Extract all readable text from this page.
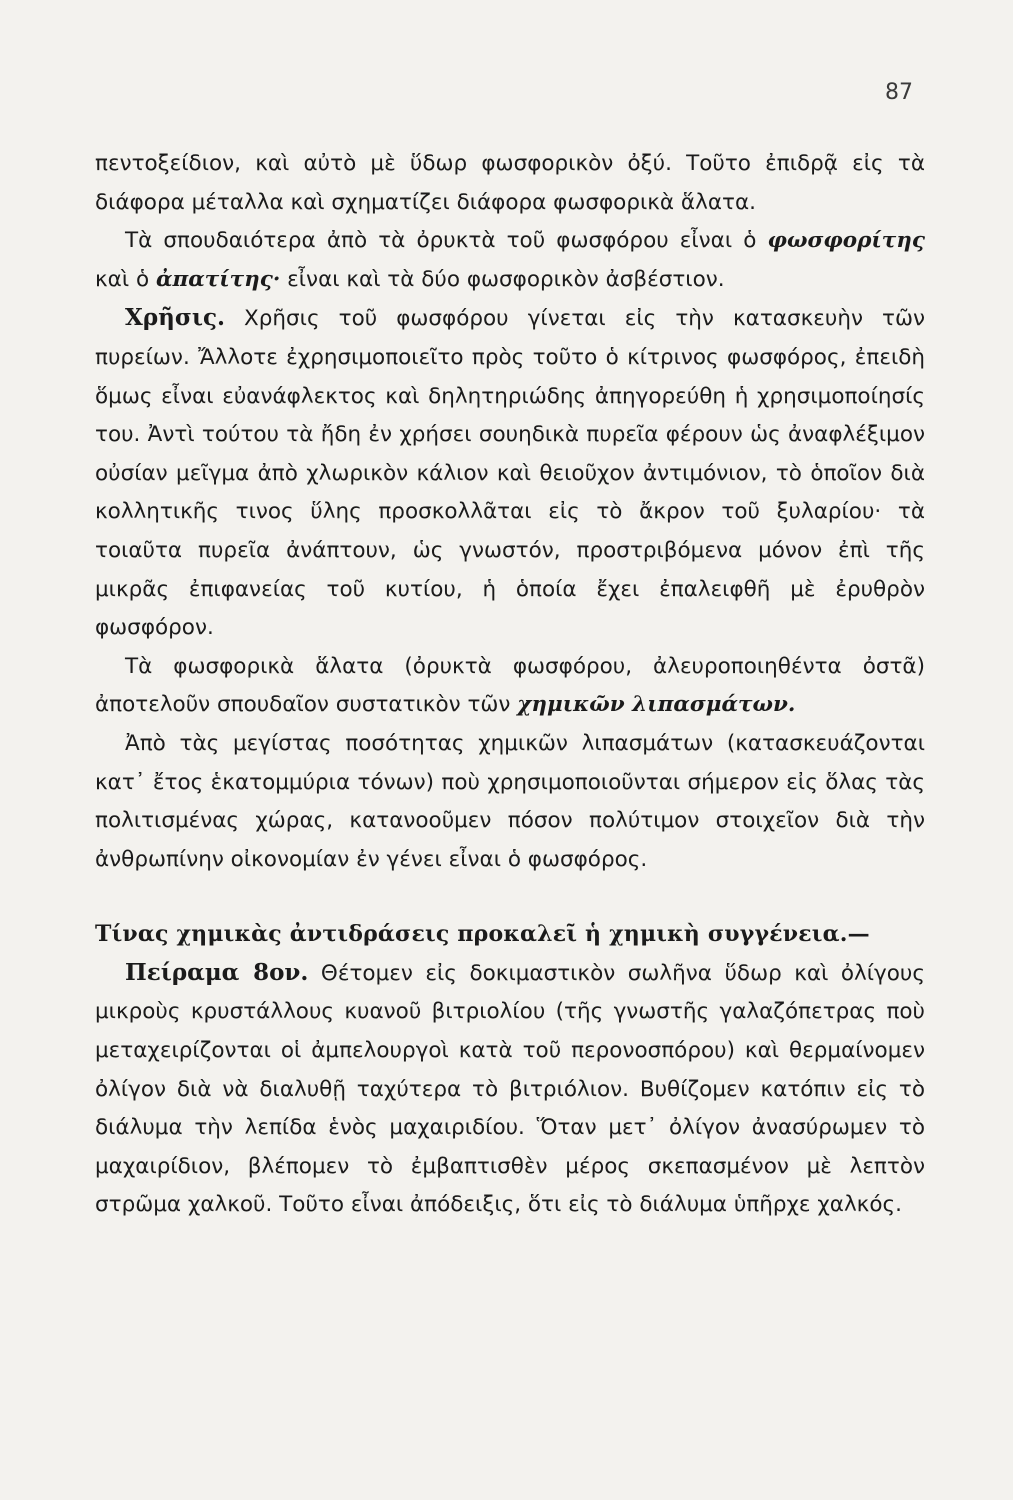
87

πεντοξείδιον, καὶ αὐτὸ μὲ ὕδωρ φωσφορικὸν ὀξύ. Τοῦτο ἐπιδρᾷ εἰς τὰ διάφορα μέταλλα καὶ σχηματίζει διάφορα φωσφορικὰ ἅλατα.

Τὰ σπουδαιότερα ἀπὸ τὰ ὀρυκτὰ τοῦ φωσφόρου εἶναι ὁ φωσφορίτης καὶ ὁ ἀπατίτης· εἶναι καὶ τὰ δύο φωσφορικὸν ἀσβέστιον.

Χρῆσις. Χρῆσις τοῦ φωσφόρου γίνεται εἰς τὴν κατασκευὴν τῶν πυρείων. Ἄλλοτε ἐχρησιμοποιεῖτο πρὸς τοῦτο ὁ κίτρινος φωσφόρος, ἐπειδὴ ὅμως εἶναι εὐανάφλεκτος καὶ δηλητηριώδης ἀπηγορεύθη ἡ χρησιμοποίησίς του. Ἀντὶ τούτου τὰ ἤδη ἐν χρήσει σουηδικὰ πυρεῖα φέρουν ὡς ἀναφλέξιμον οὐσίαν μεῖγμα ἀπὸ χλωρικὸν κάλιον καὶ θειοῦχον ἀντιμόνιον, τὸ ὁποῖον διὰ κολλητικῆς τινος ὕλης προσκολλᾶται εἰς τὸ ἄκρον τοῦ ξυλαρίου· τὰ τοιαῦτα πυρεῖα ἀνάπτουν, ὡς γνωστόν, προστριβόμενα μόνον ἐπὶ τῆς μικρᾶς ἐπιφανείας τοῦ κυτίου, ἡ ὁποία ἔχει ἐπαλειφθῆ μὲ ἐρυθρὸν φωσφόρον.

Τὰ φωσφορικὰ ἅλατα (ὀρυκτὰ φωσφόρου, ἀλευροποιηθέντα ὀστᾶ) ἀποτελοῦν σπουδαῖον συστατικὸν τῶν χημικῶν λιπασμάτων.

Ἀπὸ τὰς μεγίστας ποσότητας χημικῶν λιπασμάτων (κατασκευάζονται κατ᾽ ἔτος ἑκατομμύρια τόνων) ποὺ χρησιμοποιοῦνται σήμερον εἰς ὅλας τὰς πολιτισμένας χώρας, κατανοοῦμεν πόσον πολύτιμον στοιχεῖον διὰ τὴν ἀνθρωπίνην οἰκονομίαν ἐν γένει εἶναι ὁ φωσφόρος.

Τίνας χημικὰς ἀντιδράσεις προκαλεῖ ἡ χημικὴ συγγένεια.—

Πείραμα 8ον. Θέτομεν εἰς δοκιμαστικὸν σωλῆνα ὕδωρ καὶ ὀλίγους μικροὺς κρυστάλλους κυανοῦ βιτριολίου (τῆς γνωστῆς γαλαζόπετρας ποὺ μεταχειρίζονται οἱ ἀμπελουργοὶ κατὰ τοῦ περονοσπόρου) καὶ θερμαίνομεν ὀλίγον διὰ νὰ διαλυθῇ ταχύτερα τὸ βιτριόλιον. Βυθίζομεν κατόπιν εἰς τὸ διάλυμα τὴν λεπίδα ἑνὸς μαχαιριδίου. Ὅταν μετ᾽ ὀλίγον ἀνασύρωμεν τὸ μαχαιρίδιον, βλέπομεν τὸ ἐμβαπτισθὲν μέρος σκεπασμένον μὲ λεπτὸν στρῶμα χαλκοῦ. Τοῦτο εἶναι ἀπόδειξις, ὅτι εἰς τὸ διάλυμα ὑπῆρχε χαλκός.
